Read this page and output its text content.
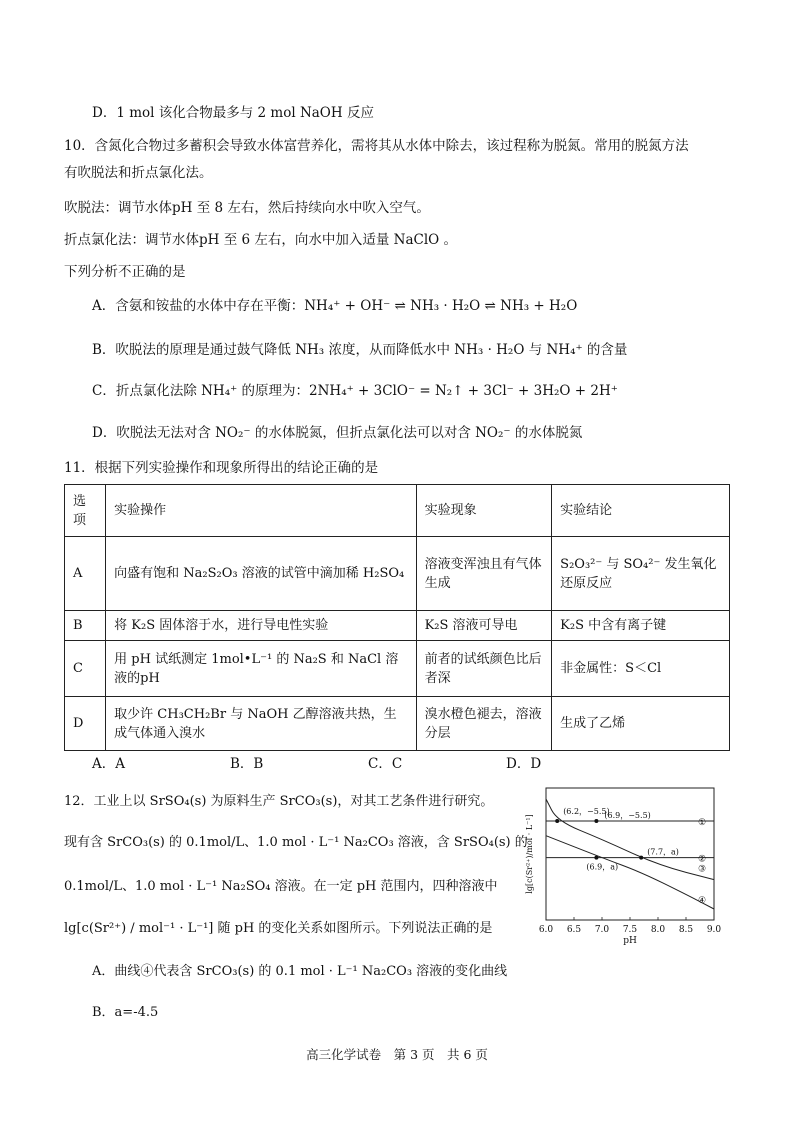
D．1 mol 该化合物最多与 2 mol NaOH 反应
10．含氮化合物过多蓄积会导致水体富营养化，需将其从水体中除去，该过程称为脱氮。常用的脱氮方法
有吹脱法和折点氯化法。
吹脱法：调节水体pH 至 8 左右，然后持续向水中吹入空气。
折点氯化法：调节水体pH 至 6 左右，向水中加入适量 NaClO 。
下列分析不正确的是
A．含氨和铵盐的水体中存在平衡：NH₄⁺ + OH⁻ ⇌ NH₃ · H₂O ⇌ NH₃ + H₂O
B．吹脱法的原理是通过鼓气降低 NH₃ 浓度，从而降低水中 NH₃ · H₂O 与 NH₄⁺ 的含量
C．折点氯化法除 NH₄⁺ 的原理为：2NH₄⁺ + 3ClO⁻ = N₂↑ + 3Cl⁻ + 3H₂O + 2H⁺
D．吹脱法无法对含 NO₂⁻ 的水体脱氮，但折点氯化法可以对含 NO₂⁻ 的水体脱氮
11．根据下列实验操作和现象所得出的结论正确的是
选项	实验操作	实验现象	实验结论
A	向盛有饱和 Na₂S₂O₃ 溶液的试管中滴加稀 H₂SO₄	溶液变浑浊且有气体生成	S₂O₃²⁻ 与 SO₄²⁻ 发生氧化还原反应
B	将 K₂S 固体溶于水，进行导电性实验	K₂S 溶液可导电	K₂S 中含有离子键
C	用 pH 试纸测定 1mol•L⁻¹ 的 Na₂S 和 NaCl 溶液的pH	前者的试纸颜色比后者深	非金属性：S＜Cl
D	取少许 CH₃CH₂Br 与 NaOH 乙醇溶液共热，生成气体通入溴水	溴水橙色褪去，溶液分层	生成了乙烯
A．A	B．B	C．C	D．D
12．工业上以 SrSO₄(s) 为原料生产 SrCO₃(s)，对其工艺条件进行研究。
现有含 SrCO₃(s) 的 0.1mol/L、1.0 mol · L⁻¹ Na₂CO₃ 溶液，含 SrSO₄(s) 的
0.1mol/L、1.0 mol · L⁻¹ Na₂SO₄ 溶液。在一定 pH 范围内，四种溶液中
lg[c(Sr²⁺) / mol⁻¹ · L⁻¹] 随 pH 的变化关系如图所示。下列说法正确的是
A．曲线④代表含 SrCO₃(s) 的 0.1 mol · L⁻¹ Na₂CO₃ 溶液的变化曲线
B．a=-4.5
6.0 6.5 7.0 7.5 8.0 8.5 9.0
pH
lg[c(Sr²⁺)/mol · L⁻¹]	①
②
③
④
(6.2，−5.5)
(6.9，−5.5)
(7.7，a)
(6.9，a)
高三化学试卷　第 3 页　共 6 页
